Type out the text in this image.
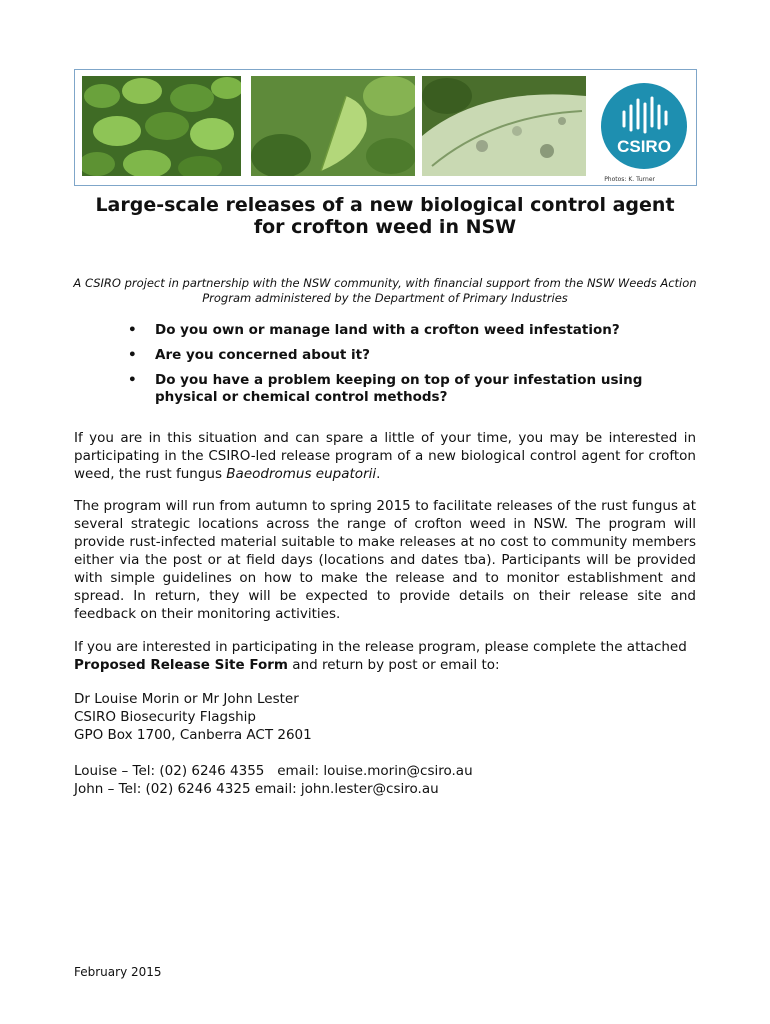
CSIRO
Photos: K. Turner
Large-scale releases of a new biological control agent
for crofton weed in NSW
A CSIRO project in partnership with the NSW community, with financial support from the NSW Weeds Action
Program administered by the Department of Primary Industries
• Do you own or manage land with a crofton weed infestation?
• Are you concerned about it?
• Do you have a problem keeping on top of your infestation using physical or chemical control methods?

If you are in this situation and can spare a little of your time, you may be interested in participating in the CSIRO-led release program of a new biological control agent for crofton weed, the rust fungus Baeodromus eupatorii.

The program will run from autumn to spring 2015 to facilitate releases of the rust fungus at several strategic locations across the range of crofton weed in NSW. The program will provide rust-infected material suitable to make releases at no cost to community members either via the post or at field days (locations and dates tba). Participants will be provided with simple guidelines on how to make the release and to monitor establishment and spread. In return, they will be expected to provide details on their release site and feedback on their monitoring activities.

If you are interested in participating in the release program, please complete the attached
Proposed Release Site Form and return by post or email to:

Dr Louise Morin or Mr John Lester
CSIRO Biosecurity Flagship
GPO Box 1700, Canberra ACT 2601
Louise – Tel: (02) 6246 4355   email: louise.morin@csiro.au
John – Tel: (02) 6246 4325 email: john.lester@csiro.au
February 2015
